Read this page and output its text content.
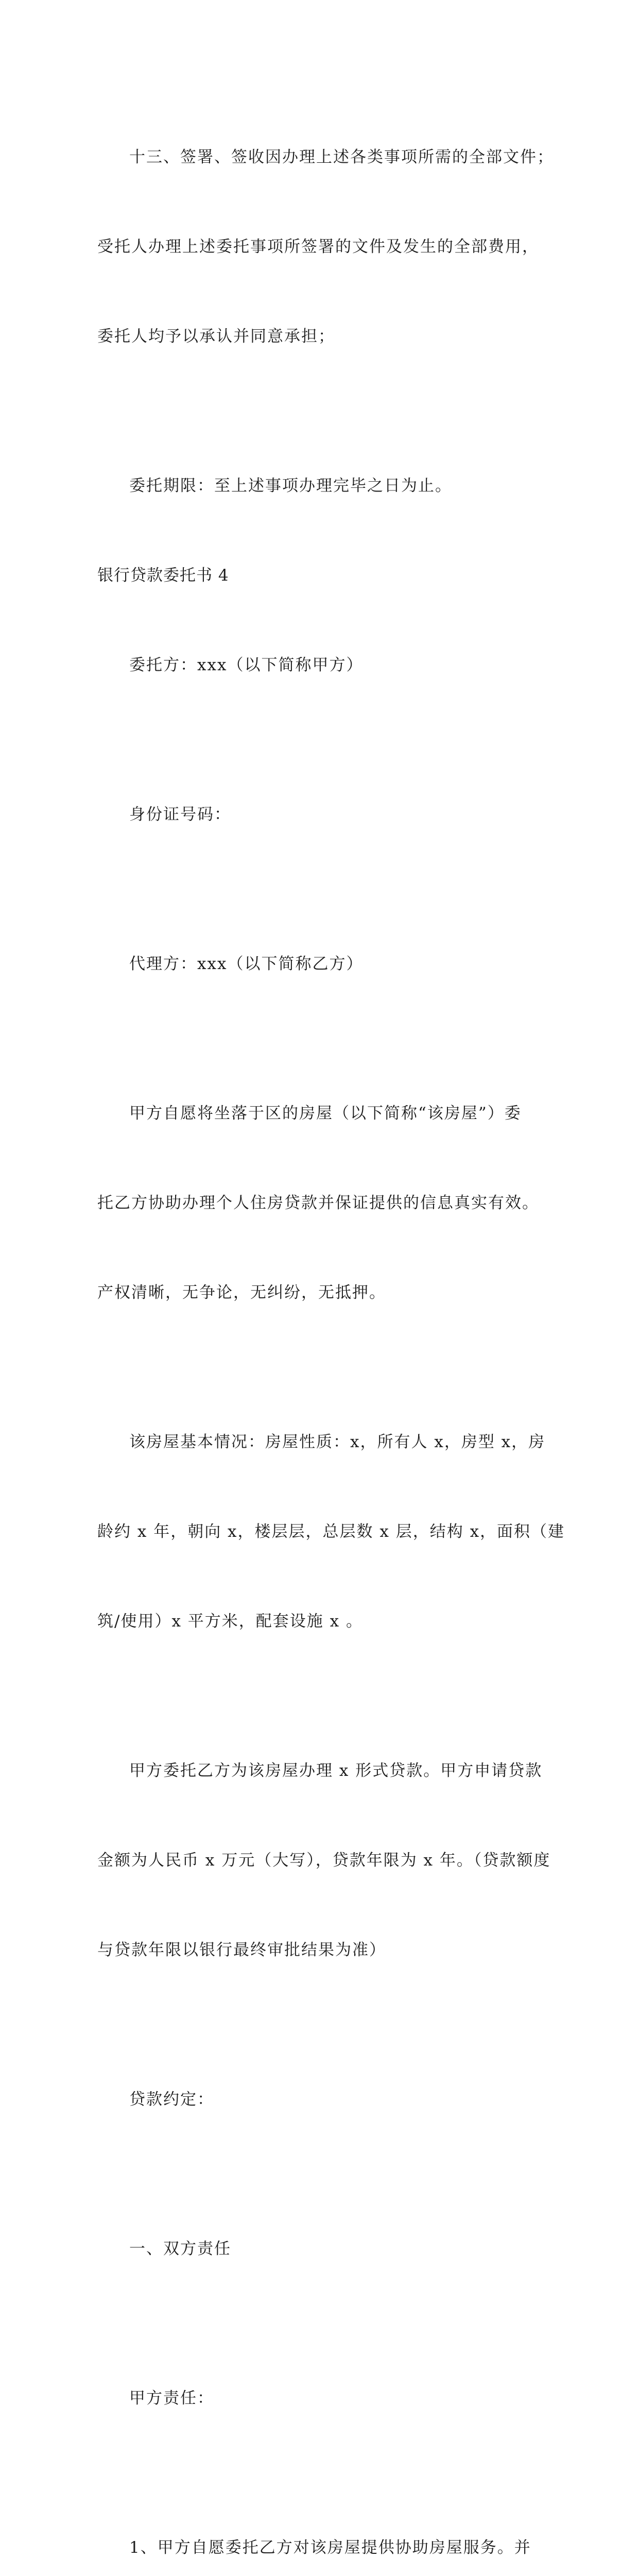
十三、签署、签收因办理上述各类事项所需的全部文件；

受托人办理上述委托事项所签署的文件及发生的全部费用，

委托人均予以承认并同意承担；

委托期限：至上述事项办理完毕之日为止。

银行贷款委托书 4

委托方：xxx（以下简称甲方）

身份证号码：

代理方：xxx（以下简称乙方）

甲方自愿将坐落于区的房屋（以下简称“该房屋”）委

托乙方协助办理个人住房贷款并保证提供的信息真实有效。

产权清晰，无争论，无纠纷，无抵押。

该房屋基本情况：房屋性质：x，所有人 x，房型 x，房

龄约 x 年，朝向 x，楼层层，总层数 x 层，结构 x，面积（建

筑/使用）x 平方米，配套设施 x 。

甲方委托乙方为该房屋办理 x 形式贷款。甲方申请贷款

金额为人民币 x 万元（大写），贷款年限为 x 年。（贷款额度

与贷款年限以银行最终审批结果为准）

贷款约定：

一、双方责任

甲方责任：

1、甲方自愿委托乙方对该房屋提供协助房屋服务。并
